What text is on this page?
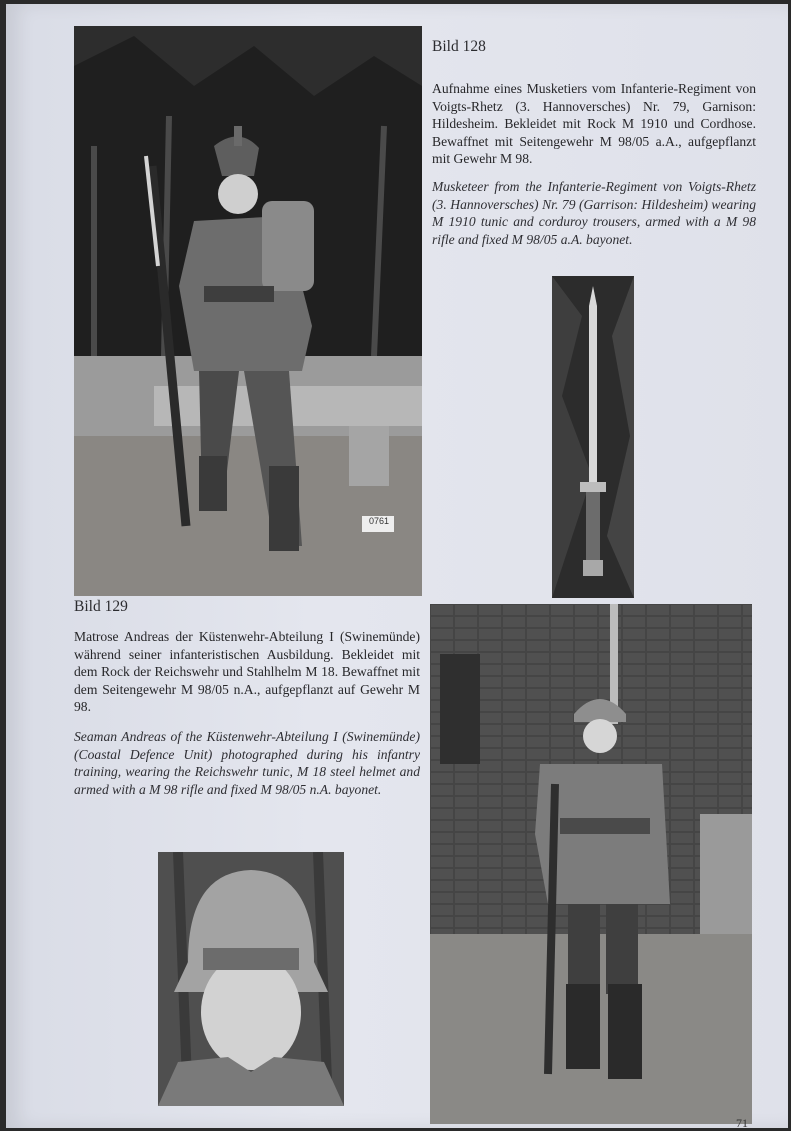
0761
Bild 128
Aufnahme eines Musketiers vom Infanterie-Regiment von Voigts-Rhetz (3. Hannoversches) Nr. 79, Garnison: Hildesheim. Bekleidet mit Rock M 1910 und Cordhose. Bewaffnet mit Seitengewehr M 98/05 a.A., aufgepflanzt mit Gewehr M 98.
Musketeer from the Infanterie-Regiment von Voigts-Rhetz (3. Hannoversches) Nr. 79 (Garrison: Hildesheim) wearing M 1910 tunic and corduroy trousers, armed with a M 98 rifle and fixed M 98/05 a.A. bayonet.
Bild 129
Matrose Andreas der Küstenwehr-Abteilung I (Swinemünde) während seiner infanteristischen Ausbildung. Bekleidet mit dem Rock der Reichswehr und Stahlhelm M 18. Bewaffnet mit dem Seitengewehr M 98/05 n.A., aufgepflanzt auf Gewehr M 98.
Seaman Andreas of the Küstenwehr-Abteilung I (Swinemünde) (Coastal Defence Unit) photographed during his infantry training, wearing the Reichswehr tunic, M 18 steel helmet and armed with a M 98 rifle and fixed M 98/05 n.A. bayonet.
71
